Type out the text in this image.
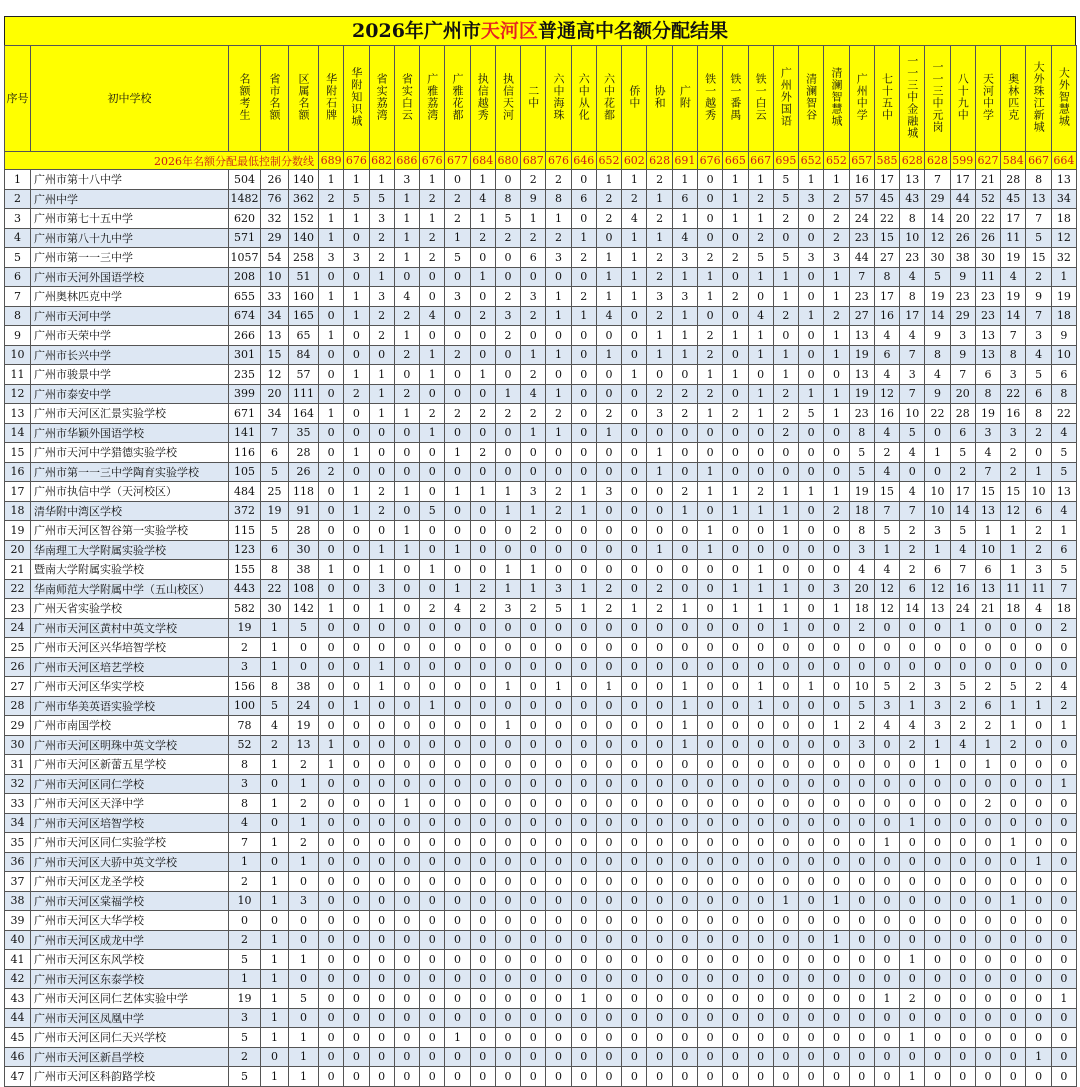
2026年广州市天河区普通高中名额分配结果
序号	初中学校	名额考生	省市名额	区属名额	华附石牌	华附知识城	省实荔湾	省实白云	广雅荔湾	广雅花都	执信越秀	执信天河	二中	六中海珠	六中从化	六中花都	侨中	协和	广附	铁一越秀	铁一番禺	铁一白云	广州外国语	清澜智谷	清澜智慧城	广州中学	七十五中	一一三中金融城	一一三中元岗	八十九中	天河中学	奥林匹克	大外珠江新城	大外智慧城
2026年名额分配最低控制分数线					689	676	682	686	676	677	684	680	687	676	646	652	602	628	691	676	665	667	695	652	652	657	585	628	628	599	627	584	667	664
1	广州市第十八中学	504	26	140	1	1	1	3	1	0	1	0	2	2	0	1	1	2	1	0	1	1	5	1	1	16	17	13	7	17	21	28	8	13
2	广州中学	1482	76	362	2	5	5	1	2	2	4	8	9	8	6	2	2	1	6	0	1	2	5	3	2	57	45	43	29	44	52	45	13	34
3	广州市第七十五中学	620	32	152	1	1	3	1	1	2	1	5	1	1	0	2	4	2	1	0	1	1	2	0	2	24	22	8	14	20	22	17	7	18
4	广州市第八十九中学	571	29	140	1	0	2	1	2	1	2	2	2	2	1	0	1	1	4	0	0	2	0	0	2	23	15	10	12	26	26	11	5	12
5	广州市第一一三中学	1057	54	258	3	3	2	1	2	5	0	0	6	3	2	1	1	2	3	2	2	5	5	3	3	44	27	23	30	38	30	19	15	32
6	广州市天河外国语学校	208	10	51	0	0	1	0	0	0	1	0	0	0	0	1	1	2	1	1	0	1	1	0	1	7	8	4	5	9	11	4	2	1
7	广州奥林匹克中学	655	33	160	1	1	3	4	0	3	0	2	3	1	2	1	1	3	3	1	2	0	1	0	1	23	17	8	19	23	23	19	9	19
8	广州市天河中学	674	34	165	0	1	2	2	4	0	2	3	2	1	1	4	0	2	1	0	0	4	2	1	2	27	16	17	14	29	23	14	7	18
9	广州市天荣中学	266	13	65	1	0	2	1	0	0	0	2	0	0	0	0	0	1	1	2	1	1	0	0	1	13	4	4	9	3	13	7	3	9
10	广州市长兴中学	301	15	84	0	0	0	2	1	2	0	0	1	1	0	1	0	1	1	2	0	1	1	0	1	19	6	7	8	9	13	8	4	10
11	广州市骏景中学	235	12	57	0	1	1	0	1	0	1	0	2	0	0	0	1	0	0	1	1	0	1	0	0	13	4	3	4	7	6	3	5	6
12	广州市泰安中学	399	20	111	0	2	1	2	0	0	0	1	4	1	0	0	0	2	2	2	0	1	2	1	1	19	12	7	9	20	8	22	6	8
13	广州市天河区汇景实验学校	671	34	164	1	0	1	1	2	2	2	2	2	2	0	2	0	3	2	1	2	1	2	5	1	23	16	10	22	28	19	16	8	22
14	广州市华颖外国语学校	141	7	35	0	0	0	0	1	0	0	0	1	1	0	1	0	0	0	0	0	0	2	0	0	8	4	5	0	6	3	3	2	4
15	广州市天河中学猎德实验学校	116	6	28	0	1	0	0	0	1	2	0	0	0	0	0	0	1	0	0	0	0	0	0	0	5	2	4	1	5	4	2	0	5
16	广州市第一一三中学陶育实验学校	105	5	26	2	0	0	0	0	0	0	0	0	0	0	0	0	1	0	1	0	0	0	0	0	5	4	0	0	2	7	2	1	5
17	广州市执信中学（天河校区）	484	25	118	0	1	2	1	0	1	1	1	3	2	1	3	0	0	2	1	1	2	1	1	1	19	15	4	10	17	15	15	10	13
18	清华附中湾区学校	372	19	91	0	1	2	0	5	0	0	1	1	2	1	0	0	0	1	0	1	1	1	0	2	18	7	7	10	14	13	12	6	4
19	广州市天河区智谷第一实验学校	115	5	28	0	0	0	1	0	0	0	0	2	0	0	0	0	0	0	1	0	0	1	0	0	8	5	2	3	5	1	1	2	1
20	华南理工大学附属实验学校	123	6	30	0	0	1	1	0	1	0	0	0	0	0	0	0	1	0	1	0	0	0	0	0	3	1	2	1	4	10	1	2	6
21	暨南大学附属实验学校	155	8	38	1	0	1	0	1	0	0	1	1	0	0	0	0	0	0	0	0	1	0	0	0	4	4	2	6	7	6	1	3	5
22	华南师范大学附属中学（五山校区）	443	22	108	0	0	3	0	0	1	2	1	1	3	1	2	0	2	0	0	1	1	1	0	3	20	12	6	12	16	13	11	11	7
23	广州天省实验学校	582	30	142	1	0	1	0	2	4	2	3	2	5	1	2	1	2	1	0	1	1	1	0	1	18	12	14	13	24	21	18	4	18
24	广州市天河区黄村中英文学校	19	1	5	0	0	0	0	0	0	0	0	0	0	0	0	0	0	0	0	0	0	1	0	0	2	0	0	0	1	0	0	0	2
25	广州市天河区兴华培智学校	2	1	0	0	0	0	0	0	0	0	0	0	0	0	0	0	0	0	0	0	0	0	0	0	0	0	0	0	0	0	0	0	0
26	广州市天河区培艺学校	3	1	0	0	0	1	0	0	0	0	0	0	0	0	0	0	0	0	0	0	0	0	0	0	0	0	0	0	0	0	0	0	0
27	广州市天河区华实学校	156	8	38	0	0	1	0	0	0	0	1	0	1	0	1	0	0	1	0	0	1	0	1	0	10	5	2	3	5	2	5	2	4
28	广州市华美英语实验学校	100	5	24	0	1	0	0	1	0	0	0	0	0	0	0	0	0	1	0	0	1	0	0	0	5	3	1	3	2	6	1	1	2
29	广州市南国学校	78	4	19	0	0	0	0	0	0	0	1	0	0	0	0	0	0	1	0	0	0	0	0	1	2	4	4	3	2	2	1	0	1
30	广州市天河区明珠中英文学校	52	2	13	1	0	0	0	0	0	0	0	0	0	0	0	0	0	1	0	0	0	0	0	0	3	0	2	1	4	1	2	0	0
31	广州市天河区新蕾五星学校	8	1	2	1	0	0	0	0	0	0	0	0	0	0	0	0	0	0	0	0	0	0	0	0	0	0	0	1	0	1	0	0	0
32	广州市天河区同仁学校	3	0	1	0	0	0	0	0	0	0	0	0	0	0	0	0	0	0	0	0	0	0	0	0	0	0	0	0	0	0	0	0	1
33	广州市天河区天泽中学	8	1	2	0	0	0	1	0	0	0	0	0	0	0	0	0	0	0	0	0	0	0	0	0	0	0	0	0	0	2	0	0	0
34	广州市天河区培智学校	4	0	1	0	0	0	0	0	0	0	0	0	0	0	0	0	0	0	0	0	0	0	0	0	0	0	1	0	0	0	0	0	0
35	广州市天河区同仁实验学校	7	1	2	0	0	0	0	0	0	0	0	0	0	0	0	0	0	0	0	0	0	0	0	0	0	1	0	0	0	0	1	0	0
36	广州市天河区大骄中英文学校	1	0	1	0	0	0	0	0	0	0	0	0	0	0	0	0	0	0	0	0	0	0	0	0	0	0	0	0	0	0	0	1	0
37	广州市天河区龙圣学校	2	1	0	0	0	0	0	0	0	0	0	0	0	0	0	0	0	0	0	0	0	0	0	0	0	0	0	0	0	0	0	0	0
38	广州市天河区棠福学校	10	1	3	0	0	0	0	0	0	0	0	0	0	0	0	0	0	0	0	0	0	1	0	1	0	0	0	0	0	0	1	0	0
39	广州市天河区大华学校	0	0	0	0	0	0	0	0	0	0	0	0	0	0	0	0	0	0	0	0	0	0	0	0	0	0	0	0	0	0	0	0	0
40	广州市天河区成龙中学	2	1	0	0	0	0	0	0	0	0	0	0	0	0	0	0	0	0	0	0	0	0	0	1	0	0	0	0	0	0	0	0	0
41	广州市天河区东风学校	5	1	1	0	0	0	0	0	0	0	0	0	0	0	0	0	0	0	0	0	0	0	0	0	0	0	1	0	0	0	0	0	0
42	广州市天河区东泰学校	1	1	0	0	0	0	0	0	0	0	0	0	0	0	0	0	0	0	0	0	0	0	0	0	0	0	0	0	0	0	0	0	0
43	广州市天河区同仁艺体实验中学	19	1	5	0	0	0	0	0	0	0	0	0	0	1	0	0	0	0	0	0	0	0	0	0	0	1	2	0	0	0	0	0	1
44	广州市天河区凤凰中学	3	1	0	0	0	0	0	0	0	0	0	0	0	0	0	0	0	0	0	0	0	0	0	0	0	0	0	0	0	0	0	0	0
45	广州市天河区同仁天兴学校	5	1	1	0	0	0	0	0	1	0	0	0	0	0	0	0	0	0	0	0	0	0	0	0	0	0	1	0	0	0	0	0	0
46	广州市天河区新昌学校	2	0	1	0	0	0	0	0	0	0	0	0	0	0	0	0	0	0	0	0	0	0	0	0	0	0	0	0	0	0	0	1	0
47	广州市天河区科韵路学校	5	1	1	0	0	0	0	0	0	0	0	0	0	0	0	0	0	0	0	0	0	0	0	0	0	0	1	0	0	0	0	0	0
